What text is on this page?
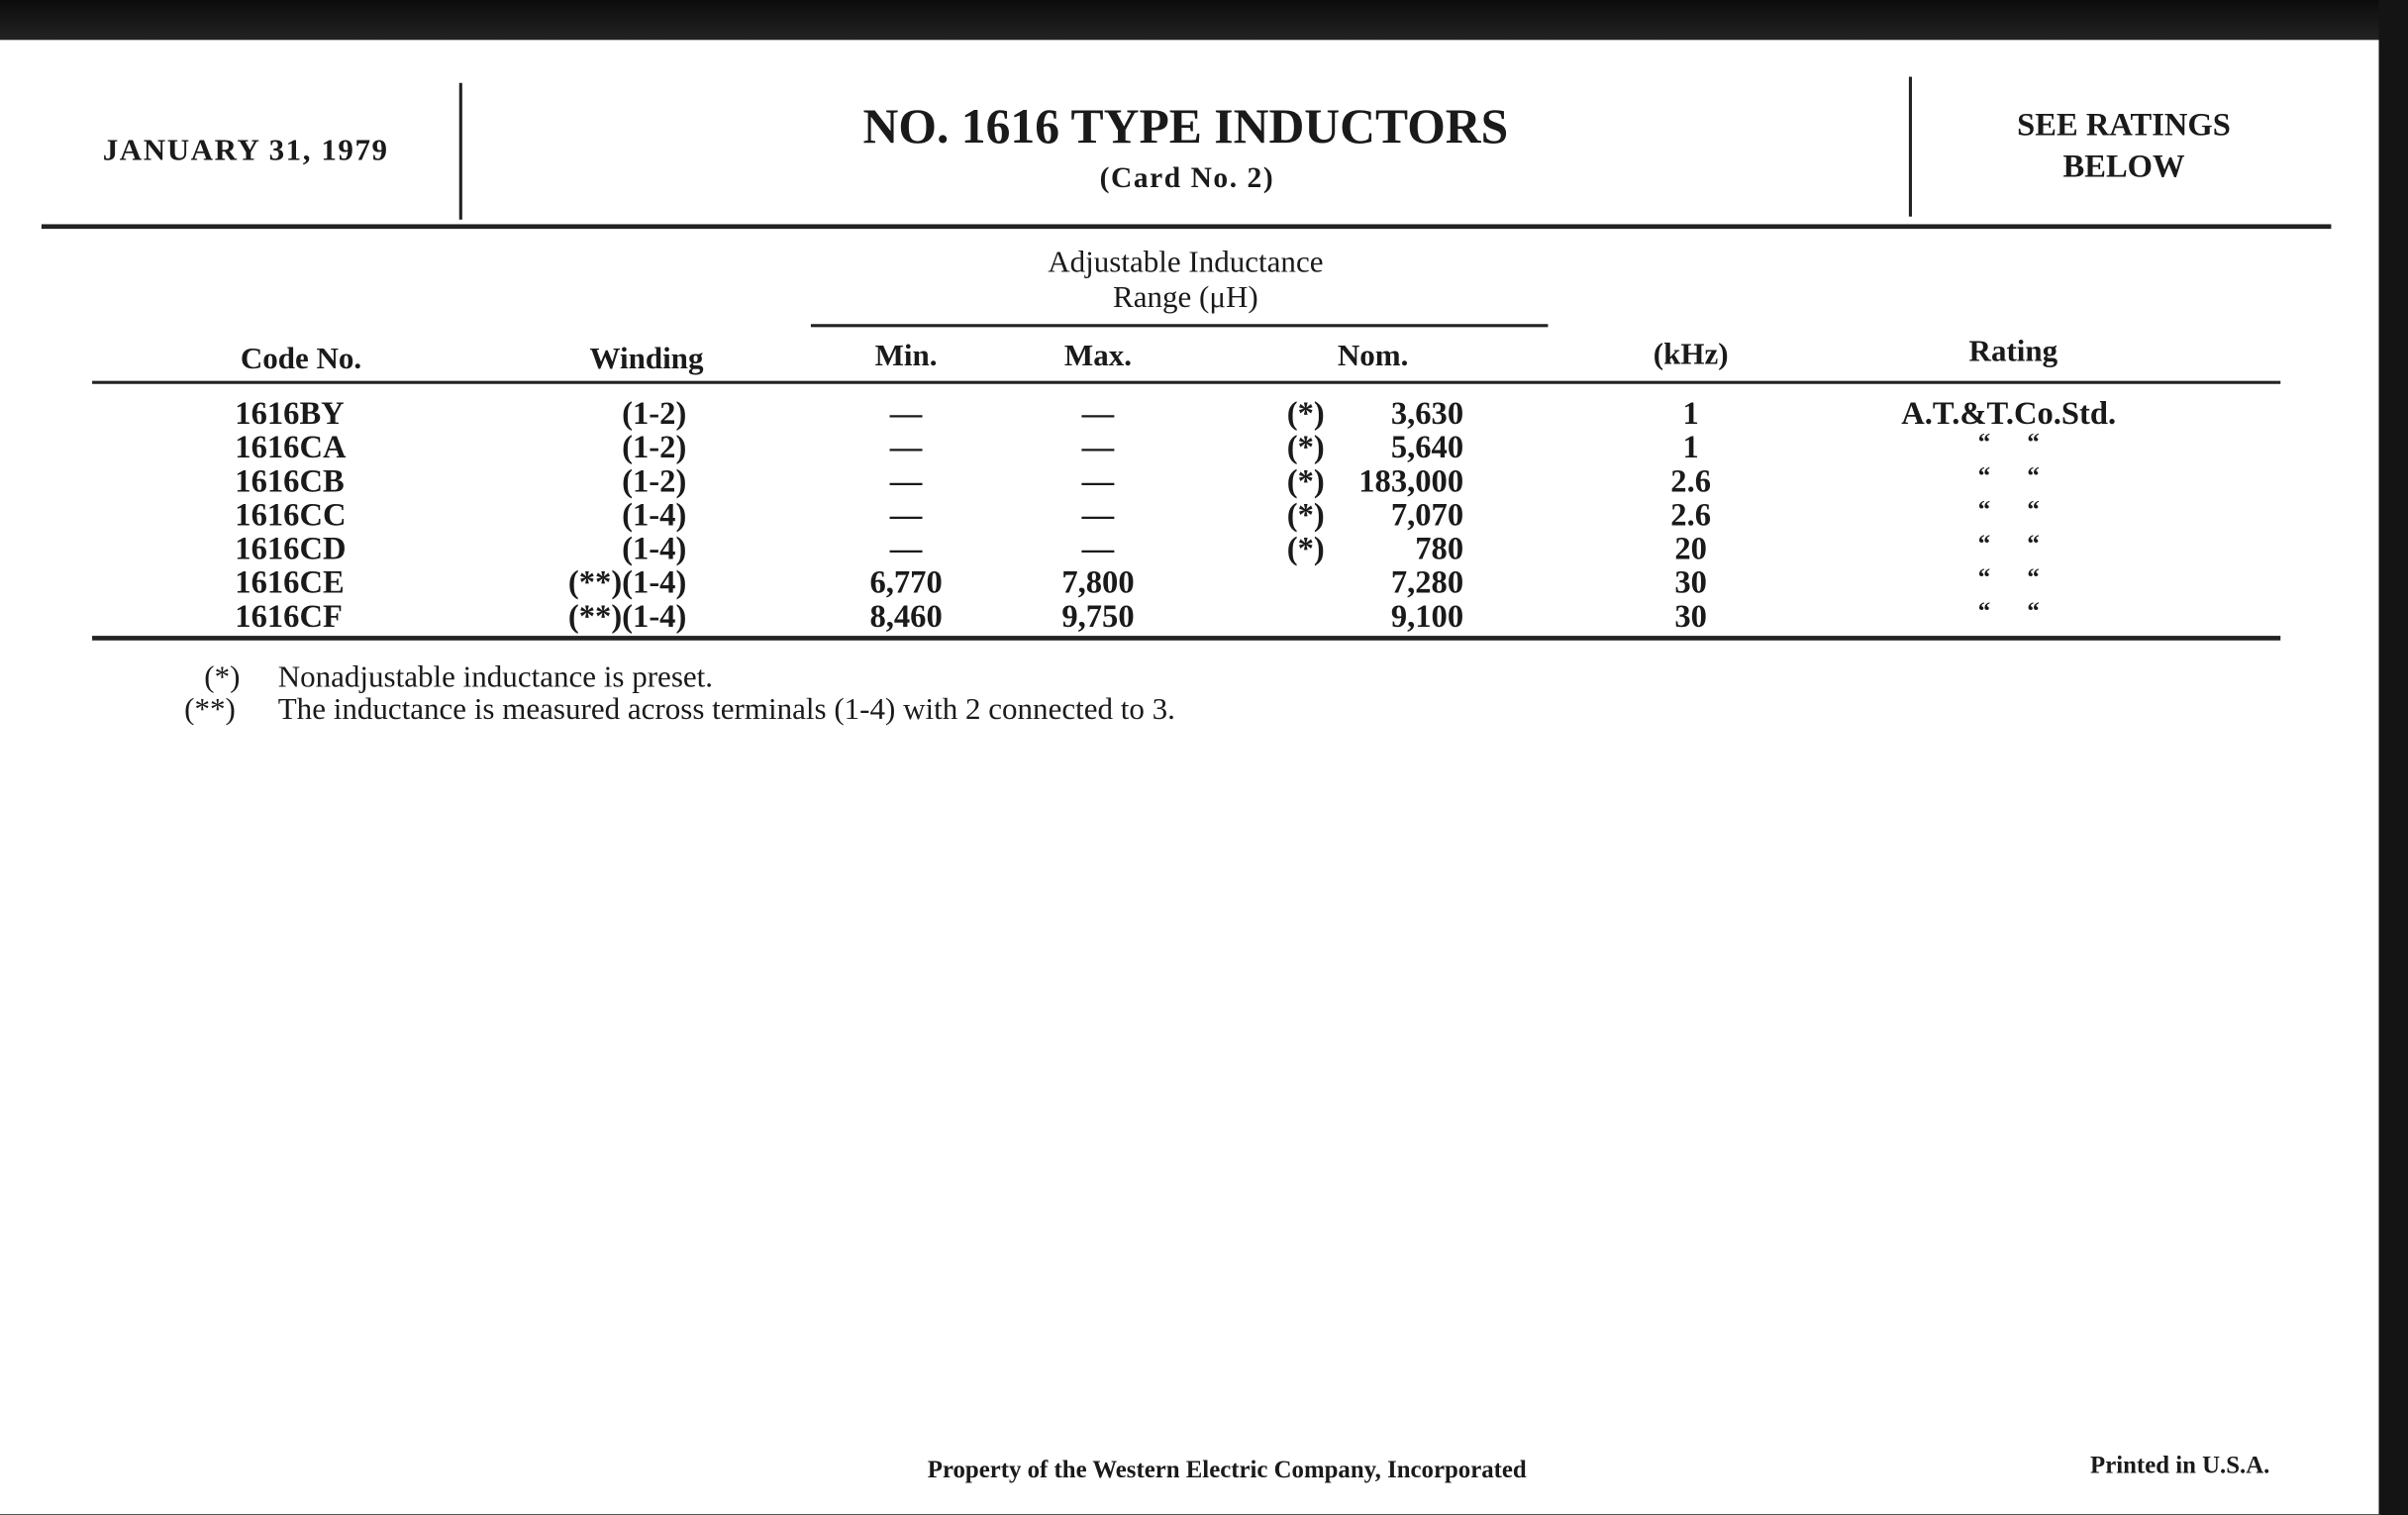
JANUARY 31, 1979	NO. 1616 TYPE INDUCTORS
(Card No. 2)
SEE RATINGS
BELOW
Adjustable Inductance
Range (μH)
Code No.	Winding	Min.	Max.	Nom.	(kHz)	Rating
1616BY	(1-2)	—	—	(*)	3,630	1	A.T.&T.Co.Std.
1616CA	(1-2)	—	—	(*)	5,640	1	“      “
1616CB	(1-2)	—	—	(*) 183,000	2.6	“      “
1616CC	(1-4)	—	—	(*)	7,070	2.6	“      “
1616CD	(1-4)	—	—	(*)	780	20	“      “
1616CE	(**)(1-4)	6,770	7,800	7,280	30	“      “
1616CF	(**)(1-4)	8,460	9,750	9,100	30	“      “
(*) Nonadjustable inductance is preset.
(**) The inductance is measured across terminals (1-4) with 2 connected to 3.
Property of the Western Electric Company, Incorporated	Printed in U.S.A.
